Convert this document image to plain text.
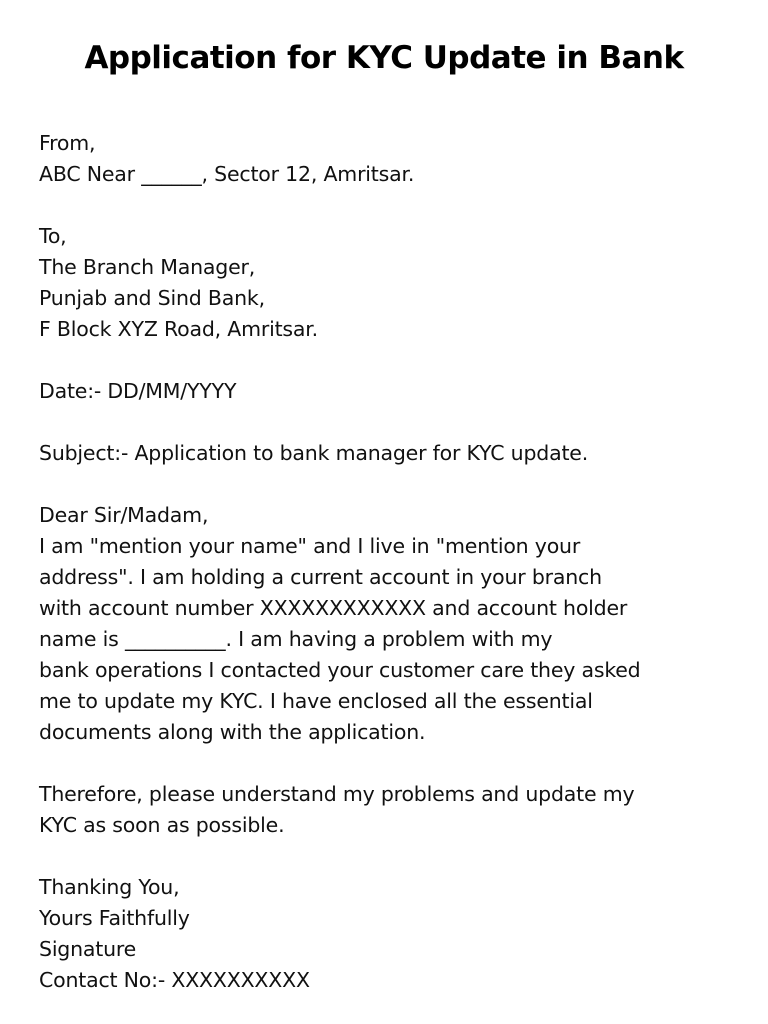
Application for KYC Update in Bank
From,
ABC Near ______, Sector 12, Amritsar.
To,
The Branch Manager,
Punjab and Sind Bank,
F Block XYZ Road, Amritsar.
Date:- DD/MM/YYYY
Subject:- Application to bank manager for KYC update.
Dear Sir/Madam,
I am "mention your name" and I live in "mention your
address". I am holding a current account in your branch
with account number XXXXXXXXXXXX and account holder
name is __________. I am having a problem with my
bank operations I contacted your customer care they asked
me to update my KYC. I have enclosed all the essential
documents along with the application.
Therefore, please understand my problems and update my
KYC as soon as possible.
Thanking You,
Yours Faithfully
Signature
Contact No:- XXXXXXXXXX
